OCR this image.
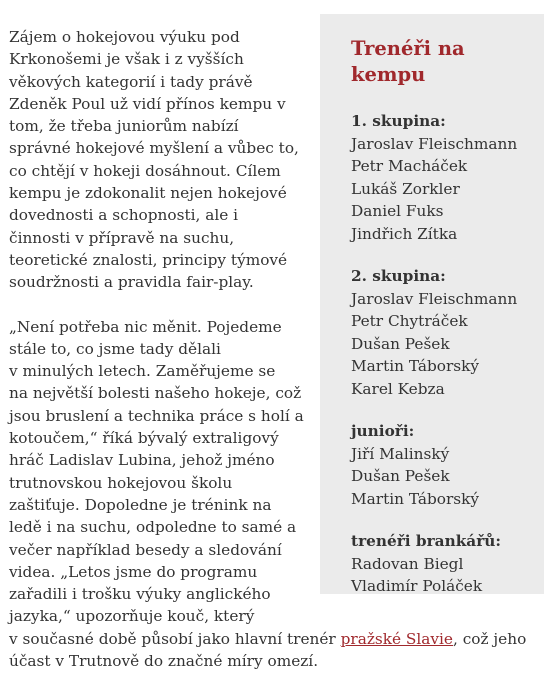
Zájem o hokejovou výuku pod Krkonošemi je však i z vyšších věkových kategorií i tady právě Zdeněk Poul už vidí přínos kempu v tom, že třeba juniorům nabízí správné hokejové myšlení a vůbec to, co chtějí v hokeji dosáhnout. Cílem kempu je zdokonalit nejen hokejové dovednosti a schopnosti, ale i činnosti v přípravě na suchu, teoretické znalosti, principy týmové soudržnosti a pravidla fair-play.

„Není potřeba nic měnit. Pojedeme
stále to, co jsme tady dělali
v minulých letech. Zaměřujeme se
na největší bolesti našeho hokeje, což
jsou bruslení a technika práce s holí a
kotoučem,“ říká bývalý extraligový
hráč Ladislav Lubina, jehož jméno
trutnovskou hokejovou školu
zaštiťuje. Dopoledne je trénink na
ledě i na suchu, odpoledne to samé a
večer například besedy a sledování
videa. „Letos jsme do programu
zařadili i trošku výuky anglického
jazyka,“ upozorňuje kouč, který
v současné době působí jako hlavní trenér pražské Slavie, což jeho
účast v Trutnově do značné míry omezí.

Trenéři na kempu
1. skupina:
Jaroslav Fleischmann
Petr Macháček
Lukáš Zorkler
Daniel Fuks
Jindřich Zítka
2. skupina:
Jaroslav Fleischmann
Petr Chytráček
Dušan Pešek
Martin Táborský
Karel Kebza
junioři:
Jiří Malinský
Dušan Pešek
Martin Táborský
trenéři brankářů:
Radovan Biegl
Vladimír Poláček
